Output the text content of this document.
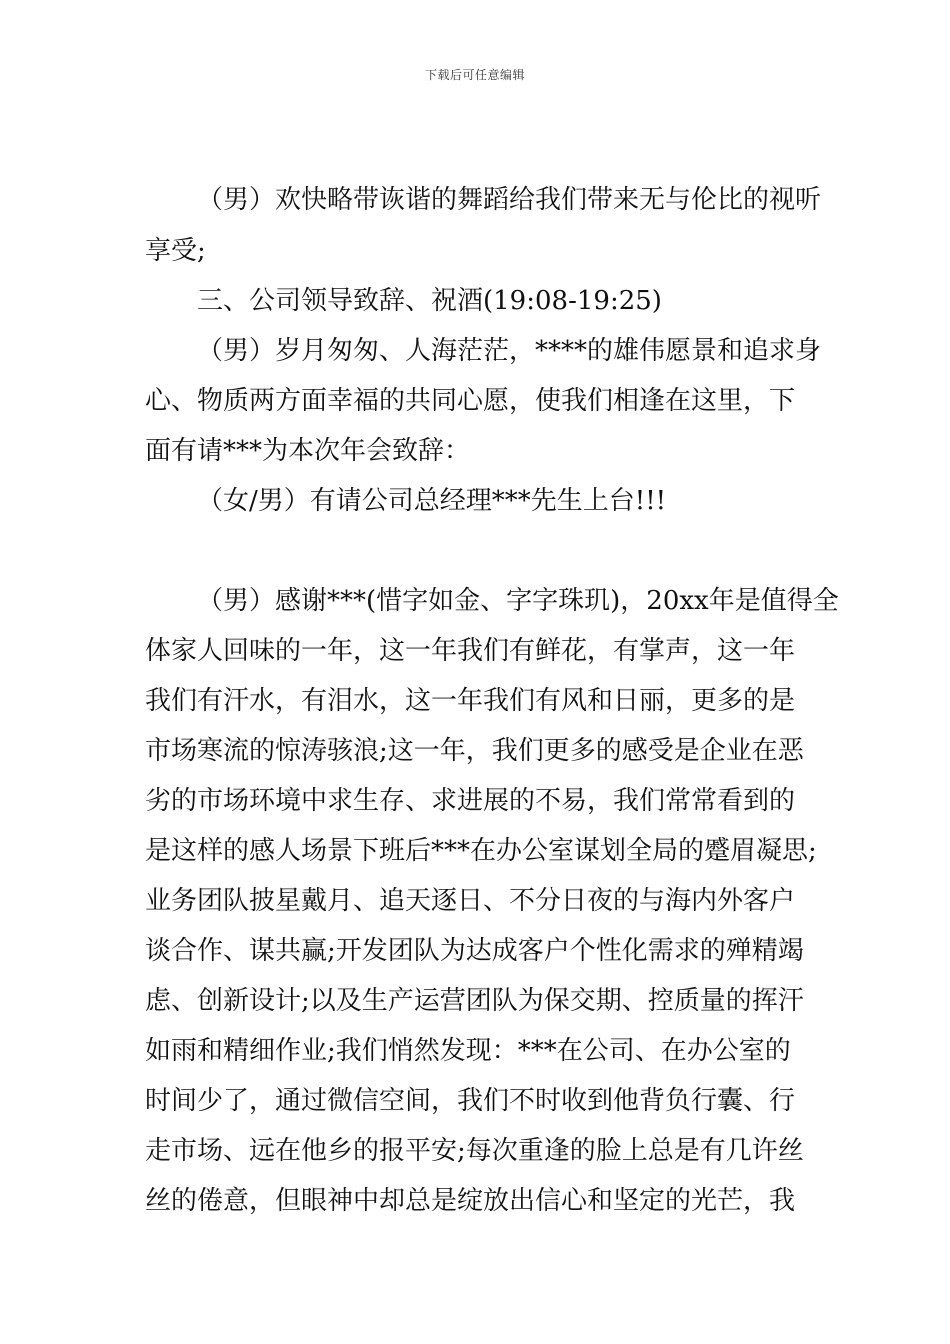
下载后可任意编辑
（男）欢快略带诙谐的舞蹈给我们带来无与伦比的视听
享受;
三、公司领导致辞、祝酒(19:08-19:25)
（男）岁月匆匆、人海茫茫，****的雄伟愿景和追求身
心、物质两方面幸福的共同心愿，使我们相逢在这里，下
面有请***为本次年会致辞：
（女/男）有请公司总经理***先生上台!!!
（男）感谢***(惜字如金、字字珠玑)，20xx年是值得全
体家人回味的一年，这一年我们有鲜花，有掌声，这一年
我们有汗水，有泪水，这一年我们有风和日丽，更多的是
市场寒流的惊涛骇浪;这一年，我们更多的感受是企业在恶
劣的市场环境中求生存、求进展的不易，我们常常看到的
是这样的感人场景下班后***在办公室谋划全局的蹙眉凝思;
业务团队披星戴月、追天逐日、不分日夜的与海内外客户
谈合作、谋共赢;开发团队为达成客户个性化需求的殚精竭
虑、创新设计;以及生产运营团队为保交期、控质量的挥汗
如雨和精细作业;我们悄然发现：***在公司、在办公室的
时间少了，通过微信空间，我们不时收到他背负行囊、行
走市场、远在他乡的报平安;每次重逢的脸上总是有几许丝
丝的倦意，但眼神中却总是绽放出信心和坚定的光芒，我
